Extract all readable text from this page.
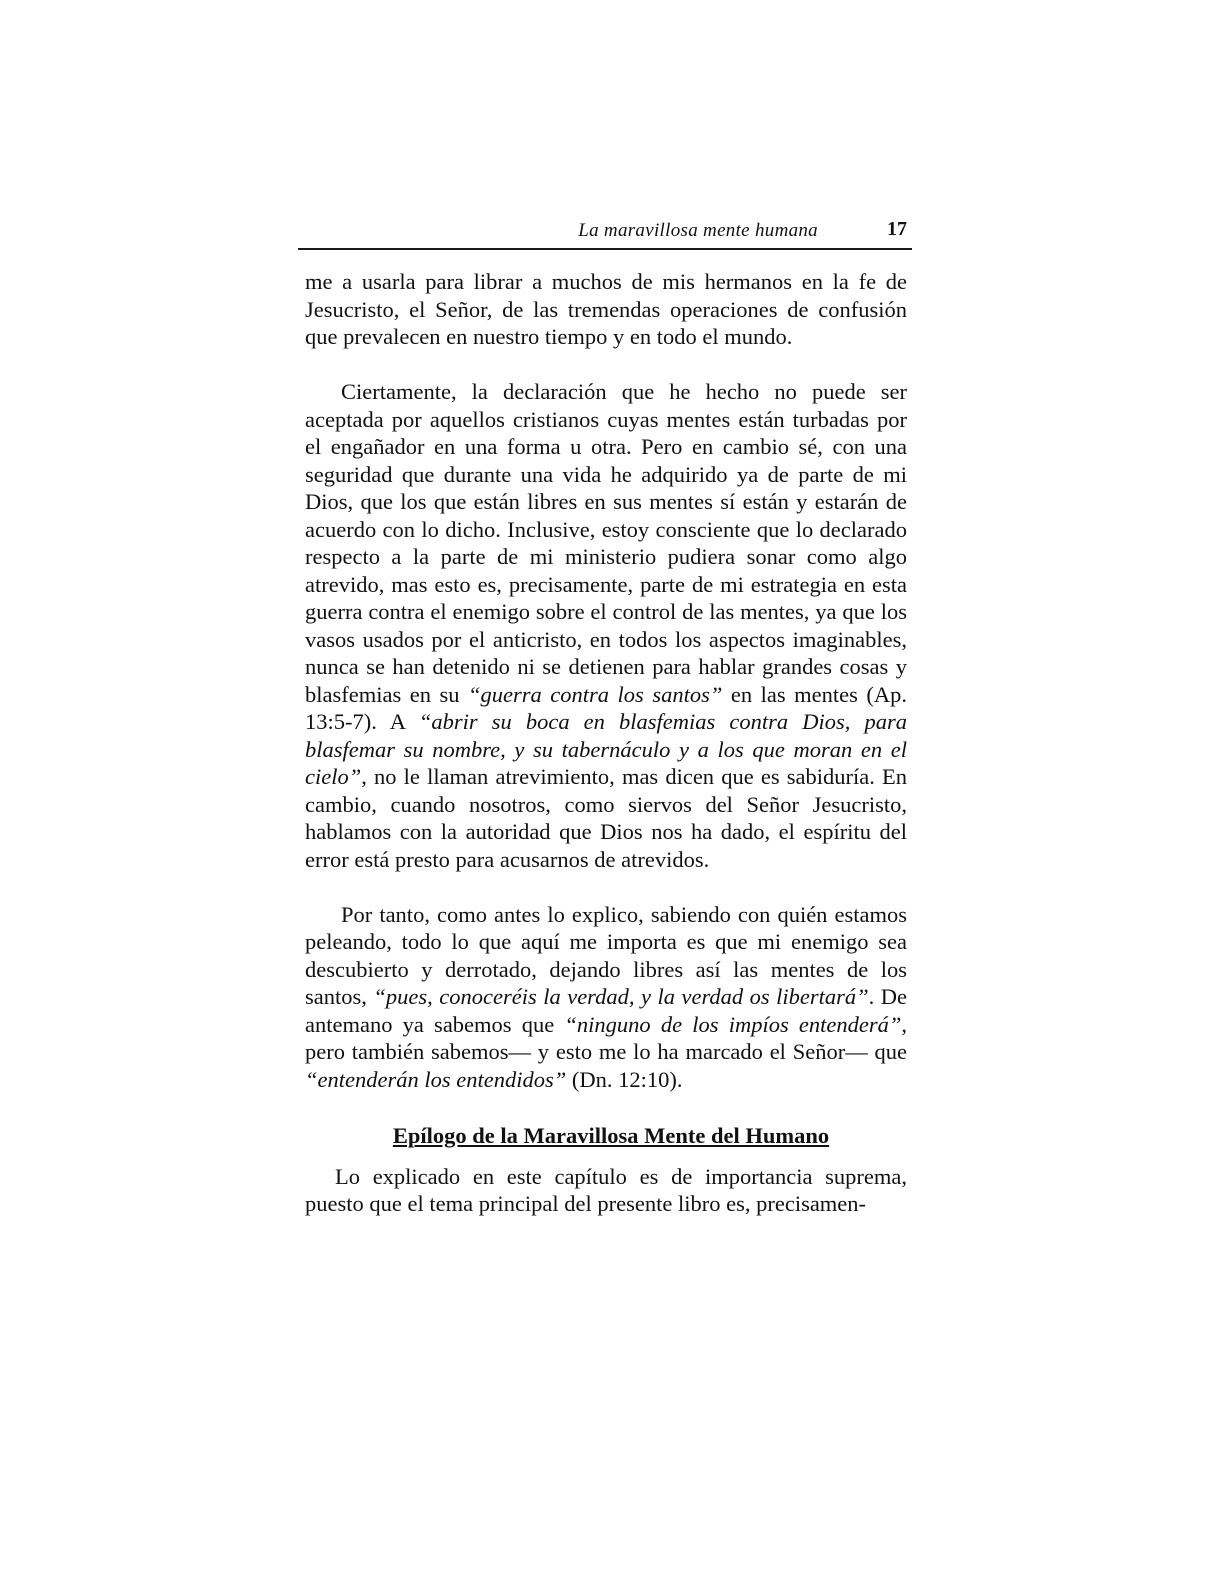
La maravillosa mente humana	17

me a usarla para librar a muchos de mis hermanos en la fe de Jesucristo, el Señor, de las tremendas operaciones de confusión que prevalecen en nuestro tiempo y en todo el mundo.

Ciertamente, la declaración que he hecho no puede ser aceptada por aquellos cristianos cuyas mentes están turbadas por el engañador en una forma u otra. Pero en cambio sé, con una seguridad que durante una vida he adquirido ya de parte de mi Dios, que los que están libres en sus mentes sí están y estarán de acuerdo con lo dicho. Inclusive, estoy consciente que lo declarado respecto a la parte de mi ministerio pudiera sonar como algo atrevido, mas esto es, precisamente, parte de mi estrategia en esta guerra contra el enemigo sobre el control de las mentes, ya que los vasos usados por el anticristo, en todos los aspectos imaginables, nunca se han detenido ni se detienen para hablar grandes cosas y blasfemias en su “guerra contra los santos” en las mentes (Ap. 13:5-7). A “abrir su boca en blasfemias contra Dios, para blasfemar su nombre, y su tabernáculo y a los que moran en el cielo”, no le llaman atrevimiento, mas dicen que es sabiduría. En cambio, cuando nosotros, como siervos del Señor Jesucristo, hablamos con la autoridad que Dios nos ha dado, el espíritu del error está presto para acusarnos de atrevidos.

Por tanto, como antes lo explico, sabiendo con quién estamos peleando, todo lo que aquí me importa es que mi enemigo sea descubierto y derrotado, dejando libres así las mentes de los santos, “pues, conoceréis la verdad, y la verdad os libertará”. De antemano ya sabemos que “ninguno de los impíos entenderá”, pero también sabemos— y esto me lo ha marcado el Señor— que “entenderán los entendidos” (Dn. 12:10).

Epílogo de la Maravillosa Mente del Humano

Lo explicado en este capítulo es de importancia suprema, puesto que el tema principal del presente libro es, precisamen-
